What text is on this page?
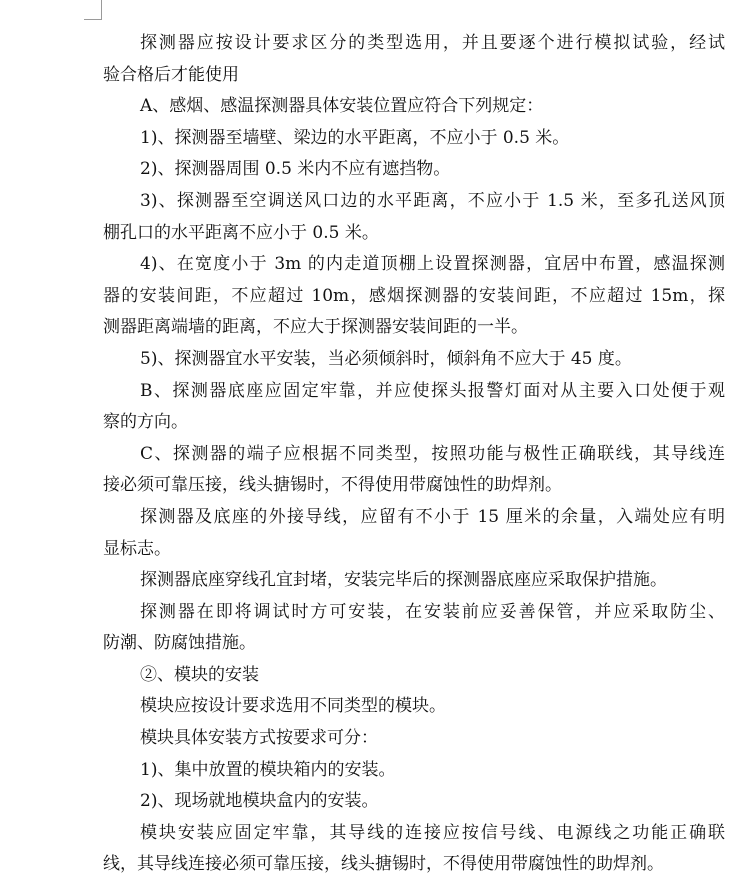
探测器应按设计要求区分的类型选用，并且要逐个进行模拟试验，经试
验合格后才能使用
A、感烟、感温探测器具体安装位置应符合下列规定：
1)、探测器至墙壁、梁边的水平距离，不应小于 0.5 米。
2)、探测器周围 0.5 米内不应有遮挡物。
3)、探测器至空调送风口边的水平距离，不应小于 1.5 米，至多孔送风顶
棚孔口的水平距离不应小于 0.5 米。
4)、在宽度小于 3m 的内走道顶棚上设置探测器，宜居中布置，感温探测
器的安装间距，不应超过 10m，感烟探测器的安装间距，不应超过 15m，探
测器距离端墙的距离，不应大于探测器安装间距的一半。
5)、探测器宜水平安装，当必须倾斜时，倾斜角不应大于 45 度。
B、探测器底座应固定牢靠，并应使探头报警灯面对从主要入口处便于观
察的方向。
C、探测器的端子应根据不同类型，按照功能与极性正确联线，其导线连
接必须可靠压接，线头搪锡时，不得使用带腐蚀性的助焊剂。
探测器及底座的外接导线，应留有不小于 15 厘米的余量，入端处应有明
显标志。
探测器底座穿线孔宜封堵，安装完毕后的探测器底座应采取保护措施。
探测器在即将调试时方可安装，在安装前应妥善保管，并应采取防尘、
防潮、防腐蚀措施。
②、模块的安装
模块应按设计要求选用不同类型的模块。
模块具体安装方式按要求可分：
1)、集中放置的模块箱内的安装。
2)、现场就地模块盒内的安装。
模块安装应固定牢靠，其导线的连接应按信号线、电源线之功能正确联
线，其导线连接必须可靠压接，线头搪锡时，不得使用带腐蚀性的助焊剂。
